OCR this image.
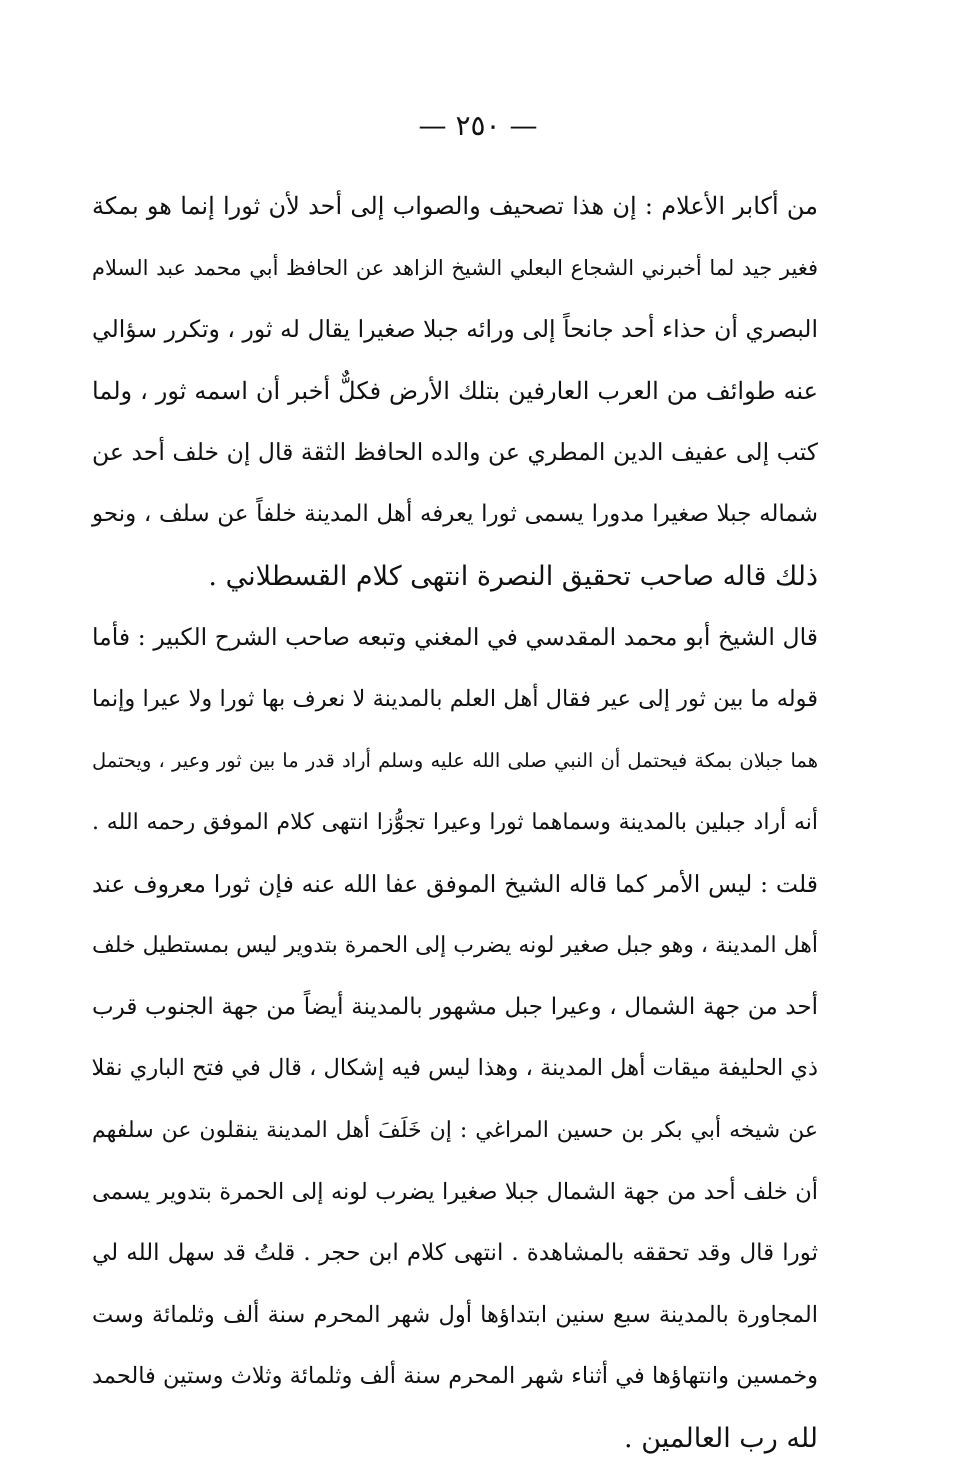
— ٢٥٠ —
من أكابر الأعلام : إن هذا تصحيف والصواب إلى أحد لأن ثورا إنما هو بمكة
فغير جيد لما أخبرني الشجاع البعلي الشيخ الزاهد عن الحافظ أبي محمد عبد السلام
البصري أن حذاء أحد جانحاً إلى ورائه جبلا صغيرا يقال له ثور ، وتكرر سؤالي
عنه طوائف من العرب العارفين بتلك الأرض فكلٌّ أخبر أن اسمه ثور ، ولما
كتب إلى عفيف الدين المطري عن والده الحافظ الثقة قال إن خلف أحد عن
شماله جبلا صغيرا مدورا يسمى ثورا يعرفه أهل المدينة خلفاً عن سلف ، ونحو
ذلك قاله صاحب تحقيق النصرة انتهى كلام القسطلاني .
قال الشيخ أبو محمد المقدسي في المغني وتبعه صاحب الشرح الكبير : فأما
قوله ما بين ثور إلى عير فقال أهل العلم بالمدينة لا نعرف بها ثورا ولا عيرا وإنما
هما جبلان بمكة فيحتمل أن النبي صلى الله عليه وسلم أراد قدر ما بين ثور وعير ، ويحتمل
أنه أراد جبلين بالمدينة وسماهما ثورا وعيرا تجوُّزا انتهى كلام الموفق رحمه الله .
قلت : ليس الأمر كما قاله الشيخ الموفق عفا الله عنه فإن ثورا معروف عند
أهل المدينة ، وهو جبل صغير لونه يضرب إلى الحمرة بتدوير ليس بمستطيل خلف
أحد من جهة الشمال ، وعيرا جبل مشهور بالمدينة أيضاً من جهة الجنوب قرب
ذي الحليفة ميقات أهل المدينة ، وهذا ليس فيه إشكال ، قال في فتح الباري نقلا
عن شيخه أبي بكر بن حسين المراغي : إن خَلَفَ أهل المدينة ينقلون عن سلفهم
أن خلف أحد من جهة الشمال جبلا صغيرا يضرب لونه إلى الحمرة بتدوير يسمى
ثورا قال وقد تحققه بالمشاهدة . انتهى كلام ابن حجر . قلتُ قد سهل الله لي
المجاورة بالمدينة سبع سنين ابتداؤها أول شهر المحرم سنة ألف وثلمائة وست
وخمسين وانتهاؤها في أثناء شهر المحرم سنة ألف وثلمائة وثلاث وستين فالحمد
لله رب العالمين .
